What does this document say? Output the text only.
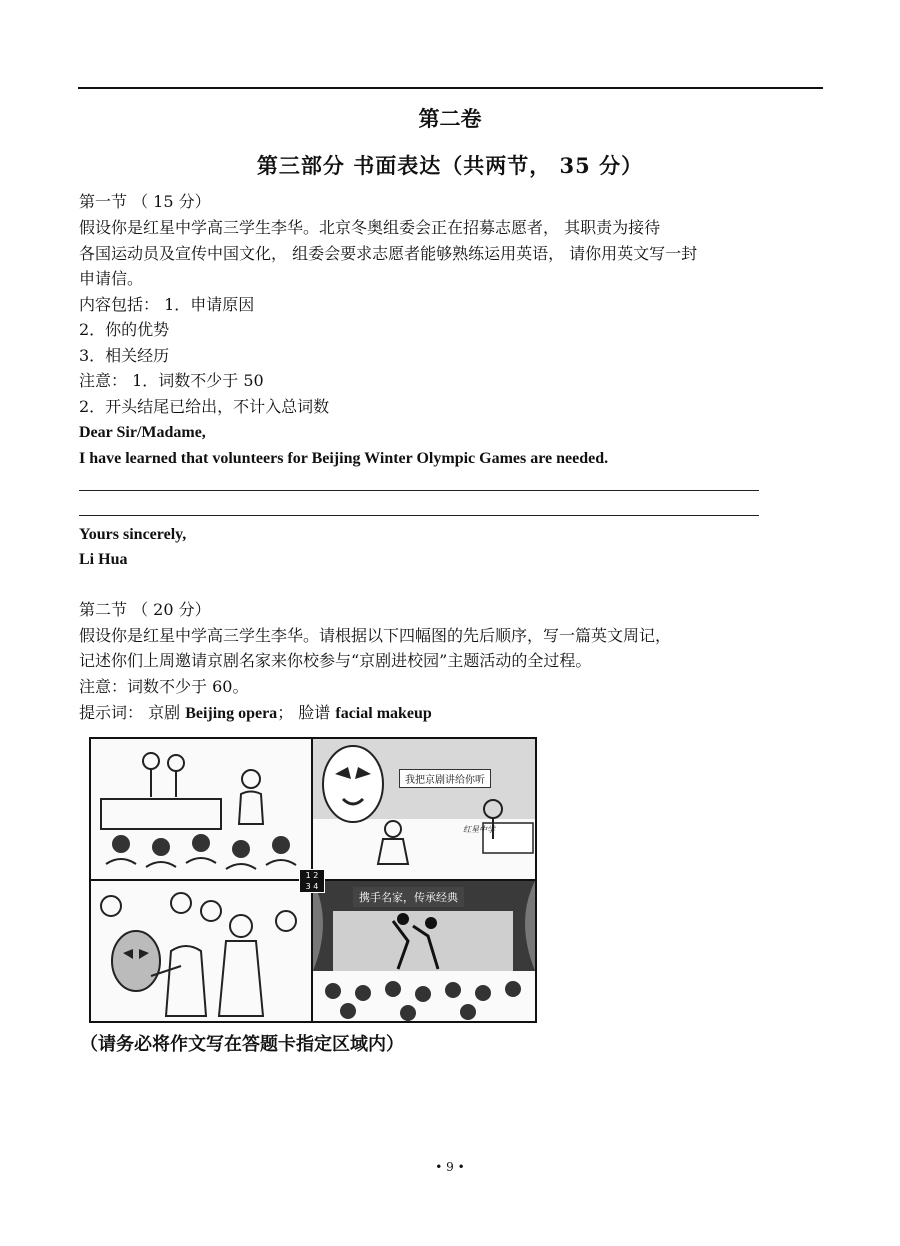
第二卷
第三部分 书面表达（共两节， 35 分）
第一节 （ 15 分）
假设你是红星中学高三学生李华。北京冬奥组委会正在招募志愿者， 其职责为接待
各国运动员及宣传中国文化， 组委会要求志愿者能够熟练运用英语， 请你用英文写一封
申请信。
内容包括： 1．申请原因
2．你的优势
3．相关经历
注意： 1．词数不少于 50
2．开头结尾已给出，不计入总词数
Dear Sir/Madame,
I have learned that volunteers for Beijing Winter Olympic Games are needed.
Yours sincerely,
Li Hua
第二节 （ 20 分）
假设你是红星中学高三学生李华。请根据以下四幅图的先后顺序，写一篇英文周记，
记述你们上周邀请京剧名家来你校参与“京剧进校园”主题活动的全过程。
注意：词数不少于 60。
提示词： 京剧 Beijing opera； 脸谱 facial makeup
我把京剧讲给你听
红星中学
携手名家，传承经典
1 2
3 4
（请务必将作文写在答题卡指定区域内）
• 9 •
